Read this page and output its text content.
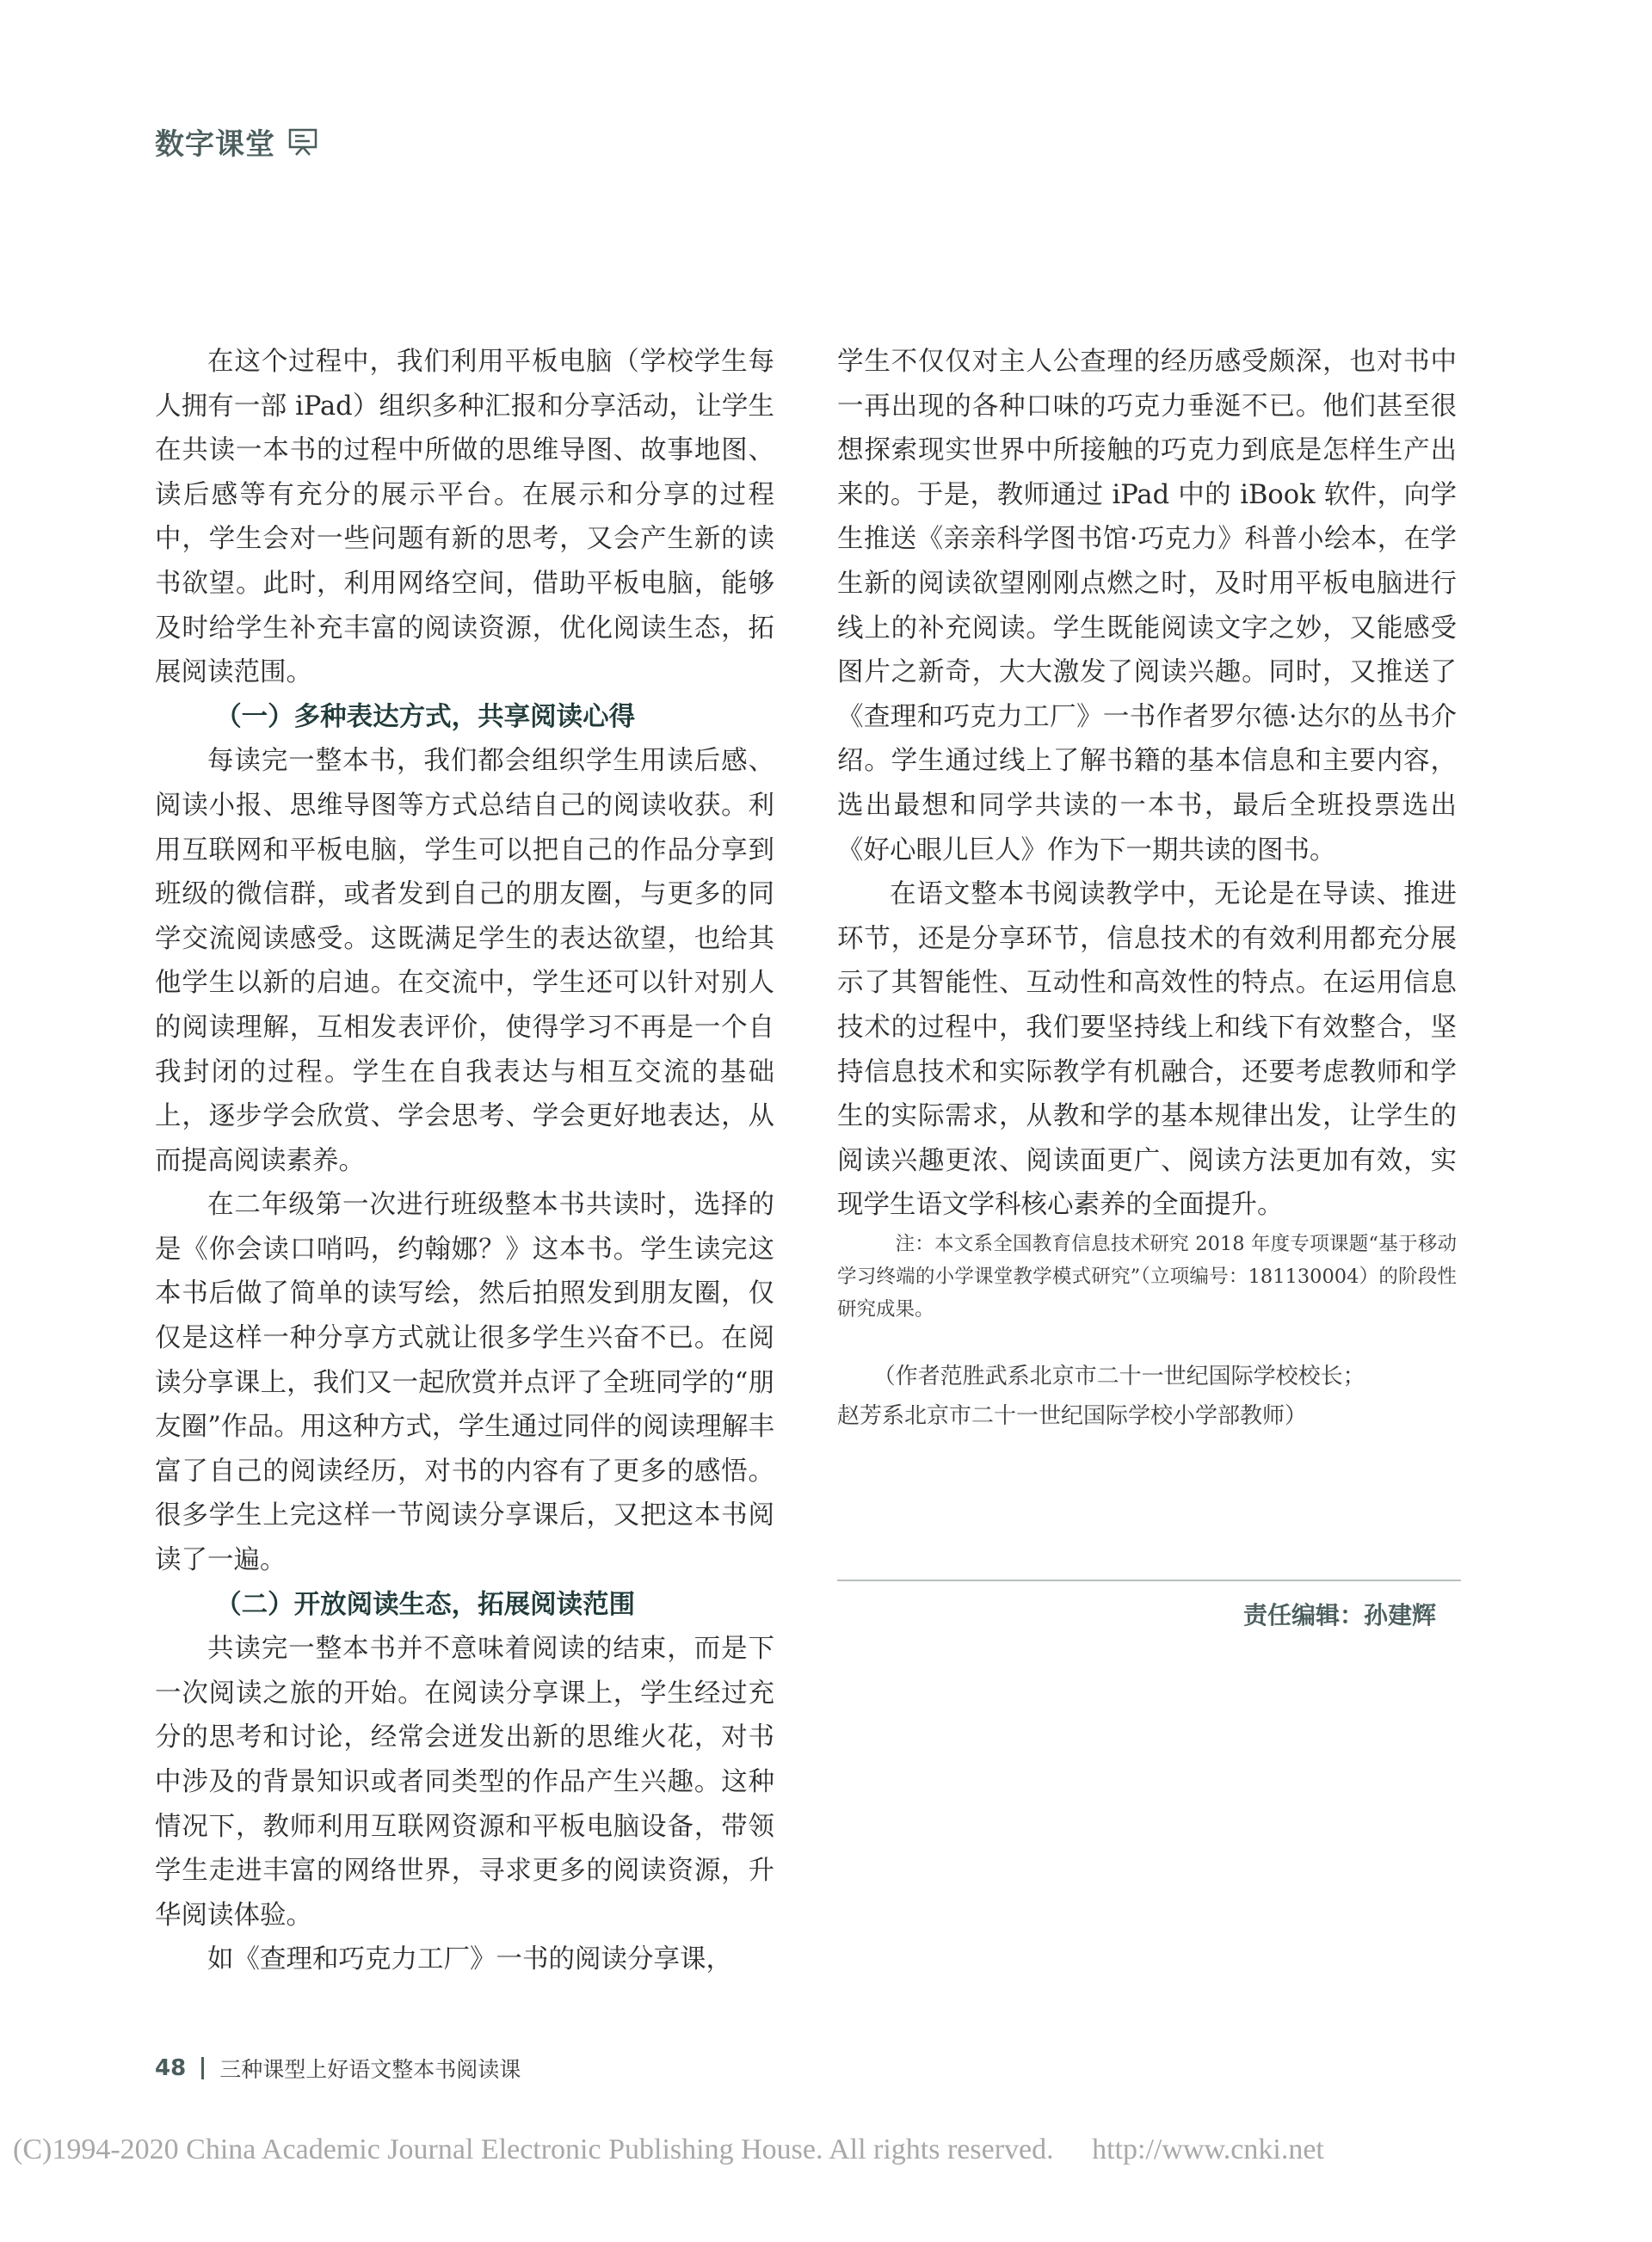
数字课堂

在这个过程中，我们利用平板电脑（学校学生每人拥有一部 iPad）组织多种汇报和分享活动，让学生在共读一本书的过程中所做的思维导图、故事地图、读后感等有充分的展示平台。在展示和分享的过程中，学生会对一些问题有新的思考，又会产生新的读书欲望。此时，利用网络空间，借助平板电脑，能够及时给学生补充丰富的阅读资源，优化阅读生态，拓展阅读范围。

（一）多种表达方式，共享阅读心得

每读完一整本书，我们都会组织学生用读后感、阅读小报、思维导图等方式总结自己的阅读收获。利用互联网和平板电脑，学生可以把自己的作品分享到班级的微信群，或者发到自己的朋友圈，与更多的同学交流阅读感受。这既满足学生的表达欲望，也给其他学生以新的启迪。在交流中，学生还可以针对别人的阅读理解，互相发表评价，使得学习不再是一个自我封闭的过程。学生在自我表达与相互交流的基础上，逐步学会欣赏、学会思考、学会更好地表达，从而提高阅读素养。

在二年级第一次进行班级整本书共读时，选择的是《你会读口哨吗，约翰娜？》这本书。学生读完这本书后做了简单的读写绘，然后拍照发到朋友圈，仅仅是这样一种分享方式就让很多学生兴奋不已。在阅读分享课上，我们又一起欣赏并点评了全班同学的“朋友圈”作品。用这种方式，学生通过同伴的阅读理解丰富了自己的阅读经历，对书的内容有了更多的感悟。很多学生上完这样一节阅读分享课后，又把这本书阅读了一遍。

（二）开放阅读生态，拓展阅读范围

共读完一整本书并不意味着阅读的结束，而是下一次阅读之旅的开始。在阅读分享课上，学生经过充分的思考和讨论，经常会迸发出新的思维火花，对书中涉及的背景知识或者同类型的作品产生兴趣。这种情况下，教师利用互联网资源和平板电脑设备，带领学生走进丰富的网络世界，寻求更多的阅读资源，升华阅读体验。

如《查理和巧克力工厂》一书的阅读分享课，

学生不仅仅对主人公查理的经历感受颇深，也对书中一再出现的各种口味的巧克力垂涎不已。他们甚至很想探索现实世界中所接触的巧克力到底是怎样生产出来的。于是，教师通过 iPad 中的 iBook 软件，向学生推送《亲亲科学图书馆·巧克力》科普小绘本，在学生新的阅读欲望刚刚点燃之时，及时用平板电脑进行线上的补充阅读。学生既能阅读文字之妙，又能感受图片之新奇，大大激发了阅读兴趣。同时，又推送了《查理和巧克力工厂》一书作者罗尔德·达尔的丛书介绍。学生通过线上了解书籍的基本信息和主要内容，选出最想和同学共读的一本书，最后全班投票选出《好心眼儿巨人》作为下一期共读的图书。

在语文整本书阅读教学中，无论是在导读、推进环节，还是分享环节，信息技术的有效利用都充分展示了其智能性、互动性和高效性的特点。在运用信息技术的过程中，我们要坚持线上和线下有效整合，坚持信息技术和实际教学有机融合，还要考虑教师和学生的实际需求，从教和学的基本规律出发，让学生的阅读兴趣更浓、阅读面更广、阅读方法更加有效，实现学生语文学科核心素养的全面提升。

注：本文系全国教育信息技术研究 2018 年度专项课题“基于移动学习终端的小学课堂教学模式研究”（立项编号：181130004）的阶段性研究成果。

（作者范胜武系北京市二十一世纪国际学校校长；
赵芳系北京市二十一世纪国际学校小学部教师）
责任编辑：孙建辉
48 三种课型上好语文整本书阅读课
(C)1994-2020 China Academic Journal Electronic Publishing House. All rights reserved. http://www.cnki.net
